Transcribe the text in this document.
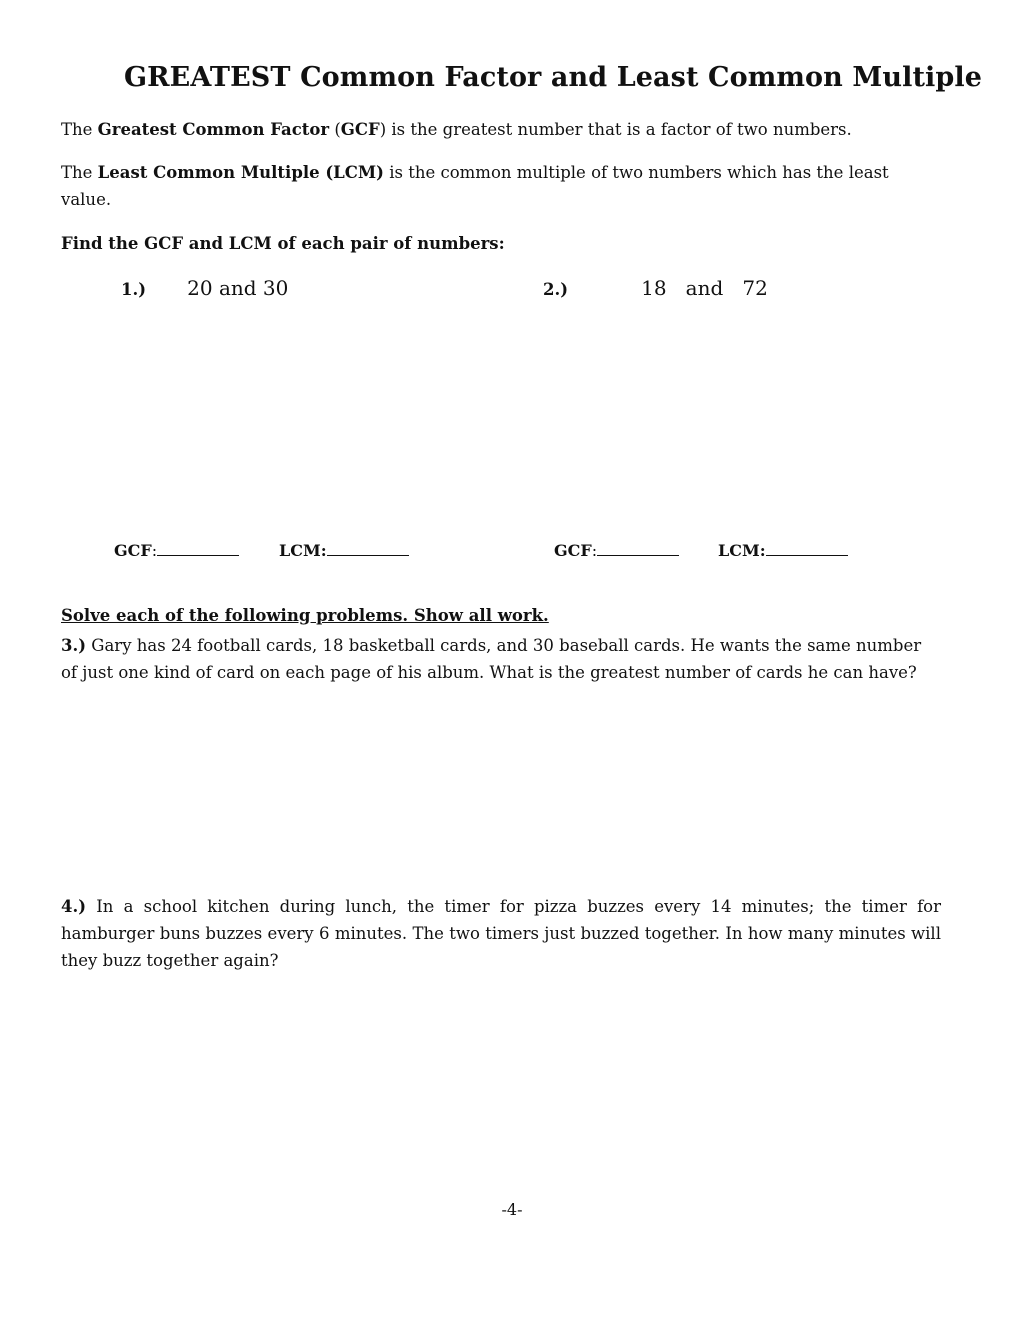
GREATEST Common Factor and Least Common Multiple
The Greatest Common Factor (GCF) is the greatest number that is a factor of two numbers.
The Least Common Multiple (LCM) is the common multiple of two numbers which has the least value.
Find the GCF and LCM of each pair of numbers:
1.) 20 and 30	2.)	18   and   72
GCF:	LCM:	GCF:	LCM:
Solve each of the following problems. Show all work.
3.) Gary has 24 football cards, 18 basketball cards, and 30 baseball cards. He wants the same number of just one kind of card on each page of his album. What is the greatest number of cards he can have?
4.) In a school kitchen during lunch, the timer for pizza buzzes every 14 minutes; the timer for hamburger buns buzzes every 6 minutes. The two timers just buzzed together. In how many minutes will they buzz together again?
-4-
